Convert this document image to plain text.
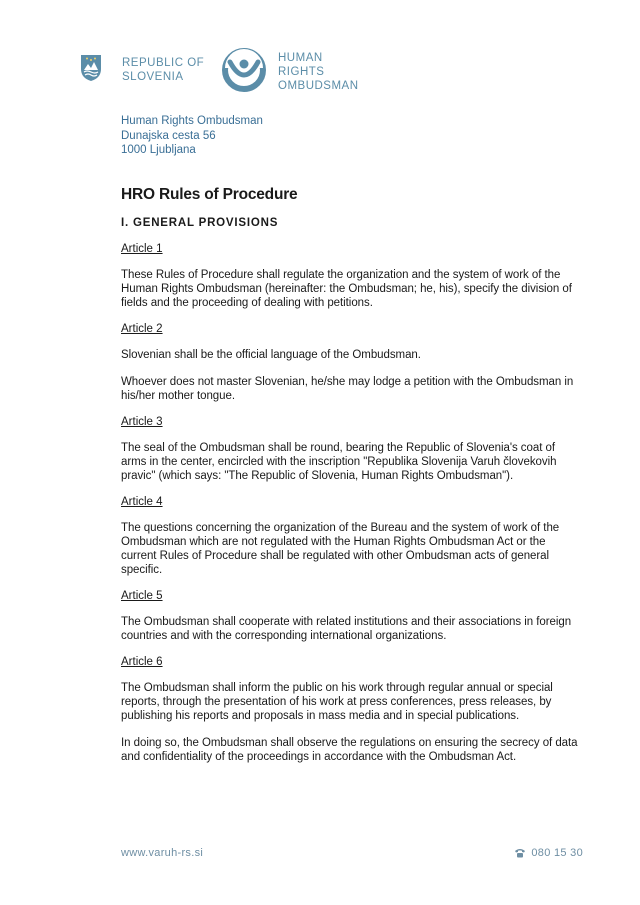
REPUBLIC OF
SLOVENIA
HUMAN
RIGHTS
OMBUDSMAN
Human Rights Ombudsman
Dunajska cesta 56
1000 Ljubljana
HRO Rules of Procedure
I. GENERAL PROVISIONS
Article 1
These Rules of Procedure shall regulate the organization and the system of work of the Human Rights Ombudsman (hereinafter: the Ombudsman; he, his), specify the division of fields and the proceeding of dealing with petitions.
Article 2
Slovenian shall be the official language of the Ombudsman.
Whoever does not master Slovenian, he/she may lodge a petition with the Ombudsman in his/her mother tongue.
Article 3
The seal of the Ombudsman shall be round, bearing the Republic of Slovenia's coat of arms in the center, encircled with the inscription "Republika Slovenija Varuh človekovih pravic" (which says: "The Republic of Slovenia, Human Rights Ombudsman").
Article 4
The questions concerning the organization of the Bureau and the system of work of the Ombudsman which are not regulated with the Human Rights Ombudsman Act or the current Rules of Procedure shall be regulated with other Ombudsman acts of general specific.
Article 5
The Ombudsman shall cooperate with related institutions and their associations in foreign countries and with the corresponding international organizations.
Article 6
The Ombudsman shall inform the public on his work through regular annual or special reports, through the presentation of his work at press conferences, press releases, by publishing his reports and proposals in mass media and in special publications.
In doing so, the Ombudsman shall observe the regulations on ensuring the secrecy of data and confidentiality of the proceedings in accordance with the Ombudsman Act.
www.varuh-rs.si	080 15 30
